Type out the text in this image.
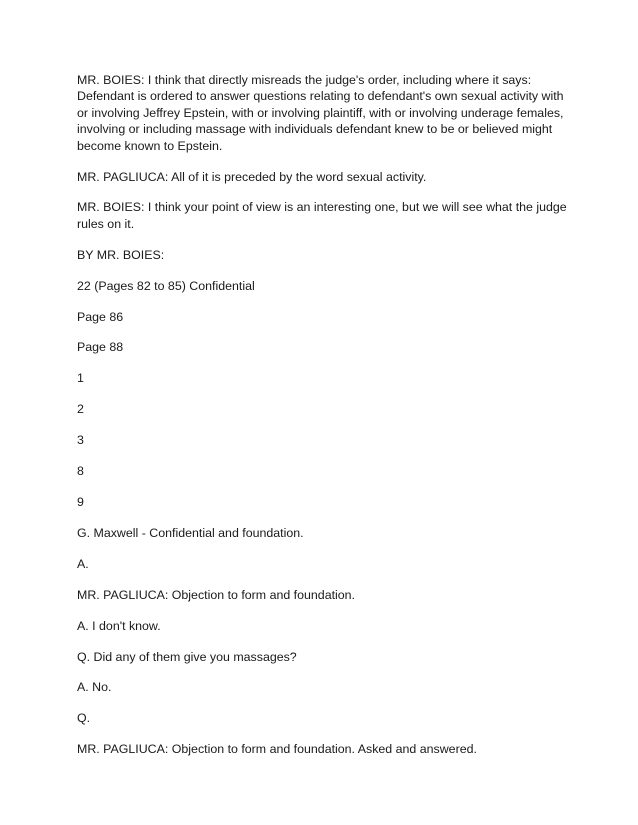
MR. BOIES: I think that directly misreads the judge's order, including where it says: Defendant is ordered to answer questions relating to defendant's own sexual activity with or involving Jeffrey Epstein, with or involving plaintiff, with or involving underage females, involving or including massage with individuals defendant knew to be or believed might become known to Epstein.

MR. PAGLIUCA: All of it is preceded by the word sexual activity.

MR. BOIES: I think your point of view is an interesting one, but we will see what the judge rules on it.

BY MR. BOIES:

22 (Pages 82 to 85) Confidential

Page 86

Page 88

1

2

3

8

9

G. Maxwell - Confidential and foundation.

A.

MR. PAGLIUCA: Objection to form and foundation.

A. I don't know.

Q. Did any of them give you massages?

A. No.

Q.

MR. PAGLIUCA: Objection to form and foundation. Asked and answered.
